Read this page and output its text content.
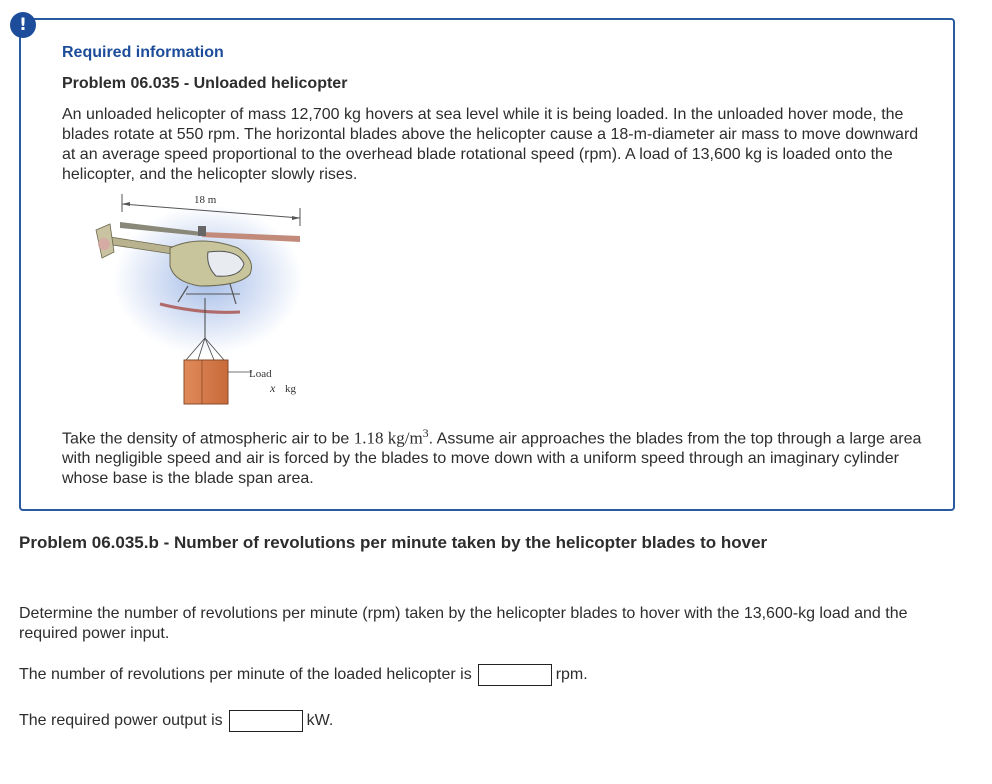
!
Required information
Problem 06.035 - Unloaded helicopter

An unloaded helicopter of mass 12,700 kg hovers at sea level while it is being loaded. In the unloaded hover mode, the blades rotate at 550 rpm. The horizontal blades above the helicopter cause a 18-m-diameter air mass to move downward at an average speed proportional to the overhead blade rotational speed (rpm). A load of 13,600 kg is loaded onto the helicopter, and the helicopter slowly rises.

18 m
Load
x kg

Take the density of atmospheric air to be 1.18 $kg/m^3$. Assume air approaches the blades from the top through a large area with negligible speed and air is forced by the blades to move down with a uniform speed through an imaginary cylinder whose base is the blade span area.

Problem 06.035.b - Number of revolutions per minute taken by the helicopter blades to hover

Determine the number of revolutions per minute (rpm) taken by the helicopter blades to hover with the 13,600-kg load and the required power input.

The number of revolutions per minute of the loaded helicopter is	rpm.
The required power output is	kW.
